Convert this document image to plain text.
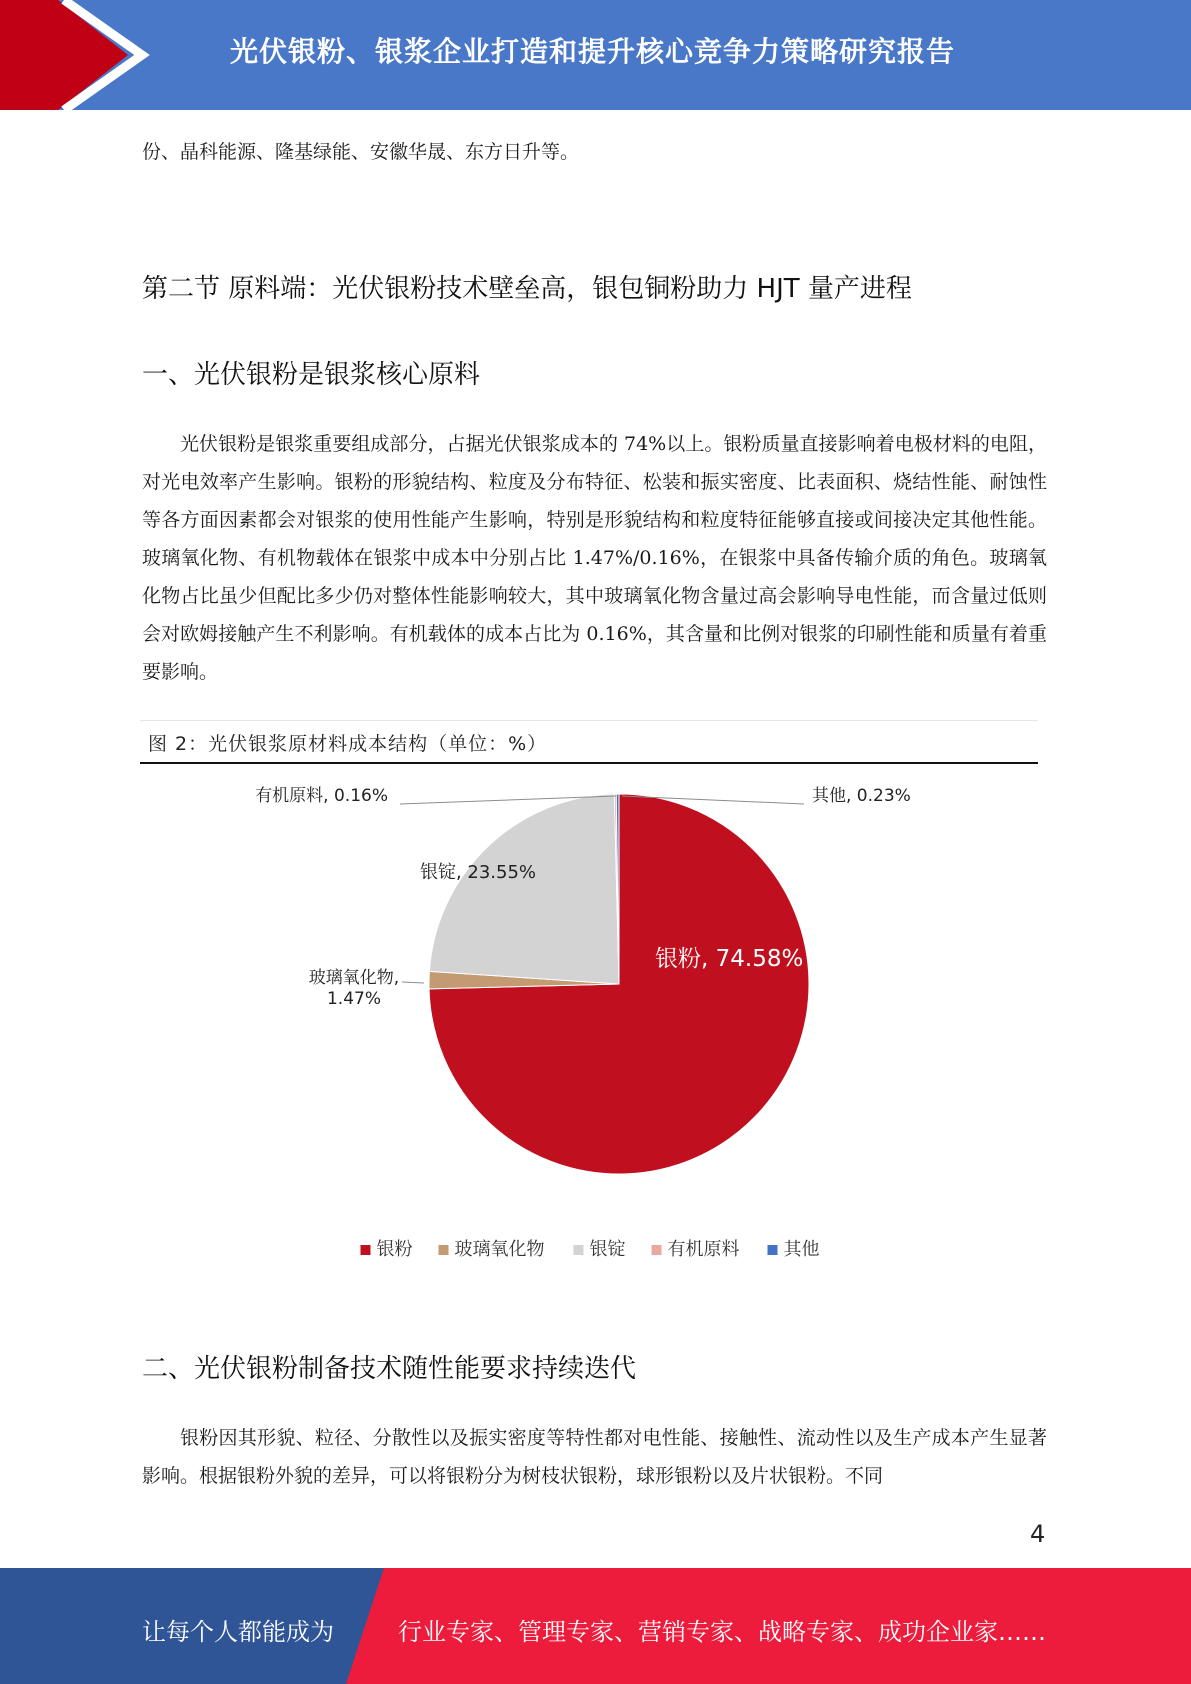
光伏银粉、银浆企业打造和提升核心竞争力策略研究报告
份、晶科能源、隆基绿能、安徽华晟、东方日升等。
第二节 原料端：光伏银粉技术壁垒高，银包铜粉助力 HJT 量产进程
一、光伏银粉是银浆核心原料
光伏银粉是银浆重要组成部分，占据光伏银浆成本的 74%以上。银粉质量直接影响着电极材料的电阻，对光电效率产生影响。银粉的形貌结构、粒度及分布特征、松装和振实密度、比表面积、烧结性能、耐蚀性等各方面因素都会对银浆的使用性能产生影响，特别是形貌结构和粒度特征能够直接或间接决定其他性能。玻璃氧化物、有机物载体在银浆中成本中分别占比 1.47%/0.16%，在银浆中具备传输介质的角色。玻璃氧化物占比虽少但配比多少仍对整体性能影响较大，其中玻璃氧化物含量过高会影响导电性能，而含量过低则会对欧姆接触产生不利影响。有机载体的成本占比为 0.16%，其含量和比例对银浆的印刷性能和质量有着重要影响。
图 2：光伏银浆原材料成本结构（单位：%）
银粉, 74.58%
玻璃氧化物, 1.47%
银锭, 23.55%
有机原料, 0.16%	其他, 0.23%
银粉 玻璃氧化物	银锭 有机原料 其他
二、光伏银粉制备技术随性能要求持续迭代
银粉因其形貌、粒径、分散性以及振实密度等特性都对电性能、接触性、流动性以及生产成本产生显著影响。根据银粉外貌的差异，可以将银粉分为树枝状银粉，球形银粉以及片状银粉。不同
4
让每个人都能成为	行业专家、管理专家、营销专家、战略专家、成功企业家……
